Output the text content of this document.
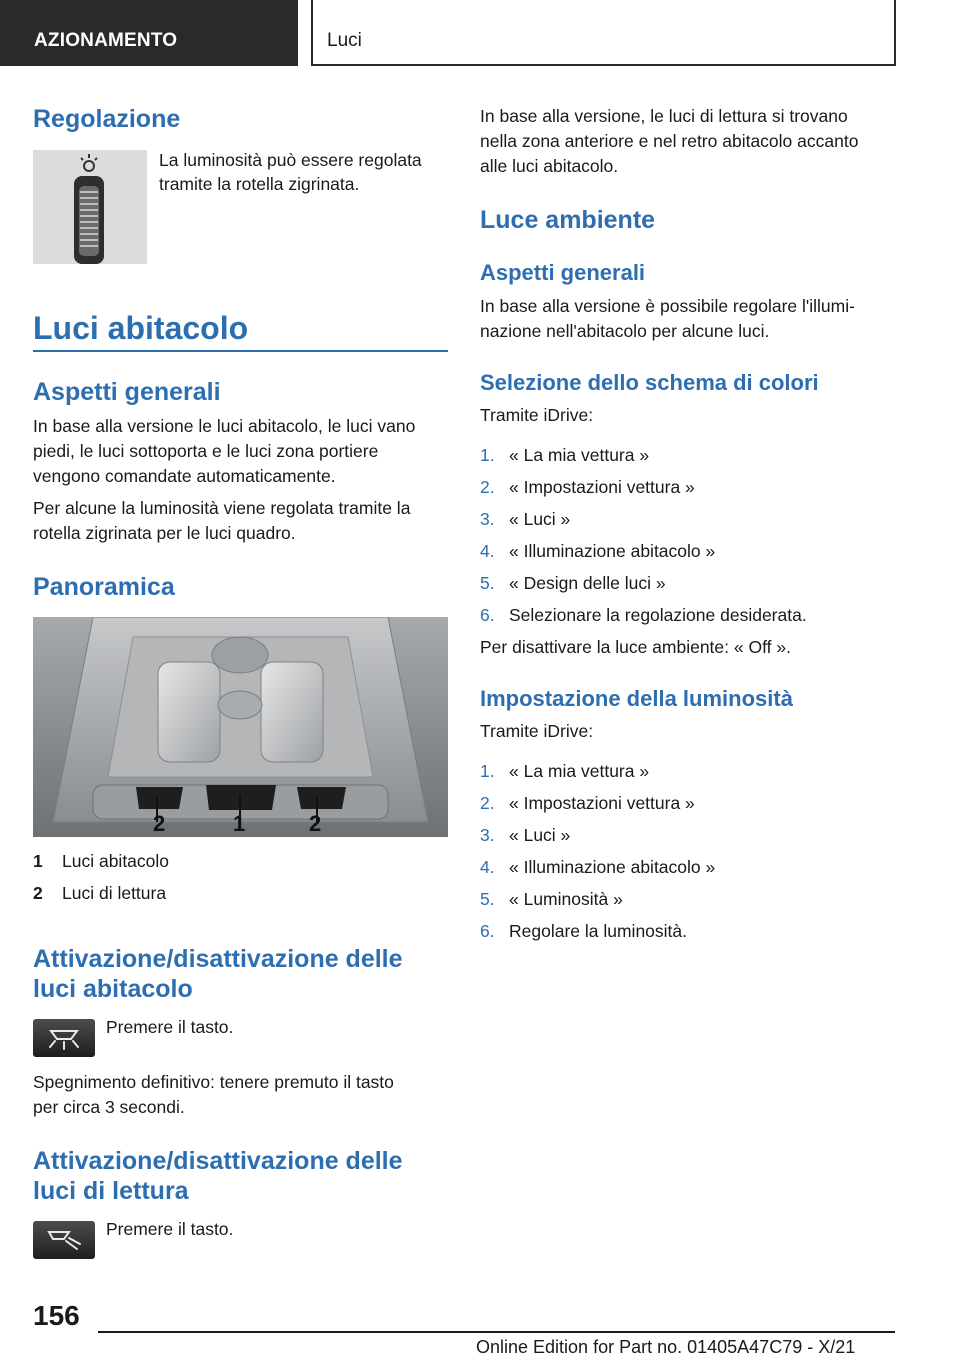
AZIONAMENTO	Luci
Regolazione

La luminosità può essere regolata

tramite la rotella zigrinata.

Luci abitacolo
Aspetti generali

In base alla versione le luci abitacolo, le luci vano

piedi, le luci sottoporta e le luci zona portiere

vengono comandate automaticamente.

Per alcune la luminosità viene regolata tramite la

rotella zigrinata per le luci quadro.

Panoramica
2	1	2
1 Luci abitacolo
2 Luci di lettura
Attivazione/disattivazione delle
luci abitacolo

Premere il tasto.

Spegnimento definitivo: tenere premuto il tasto

per circa 3 secondi.

Attivazione/disattivazione delle
luci di lettura

Premere il tasto.

In base alla versione, le luci di lettura si trovano

nella zona anteriore e nel retro abitacolo accanto

alle luci abitacolo.

Luce ambiente
Aspetti generali

In base alla versione è possibile regolare l'illumi-

nazione nell'abitacolo per alcune luci.

Selezione dello schema di colori

Tramite iDrive:

1. « La mia vettura »
2. « Impostazioni vettura »
3. « Luci »
4. « Illuminazione abitacolo »
5. « Design delle luci »
6. Selezionare la regolazione desiderata.

Per disattivare la luce ambiente: « Off ».

Impostazione della luminosità

Tramite iDrive:

1. « La mia vettura »
2. « Impostazioni vettura »
3. « Luci »
4. « Illuminazione abitacolo »
5. « Luminosità »
6. Regolare la luminosità.
156
Online Edition for Part no. 01405A47C79 - X/21
